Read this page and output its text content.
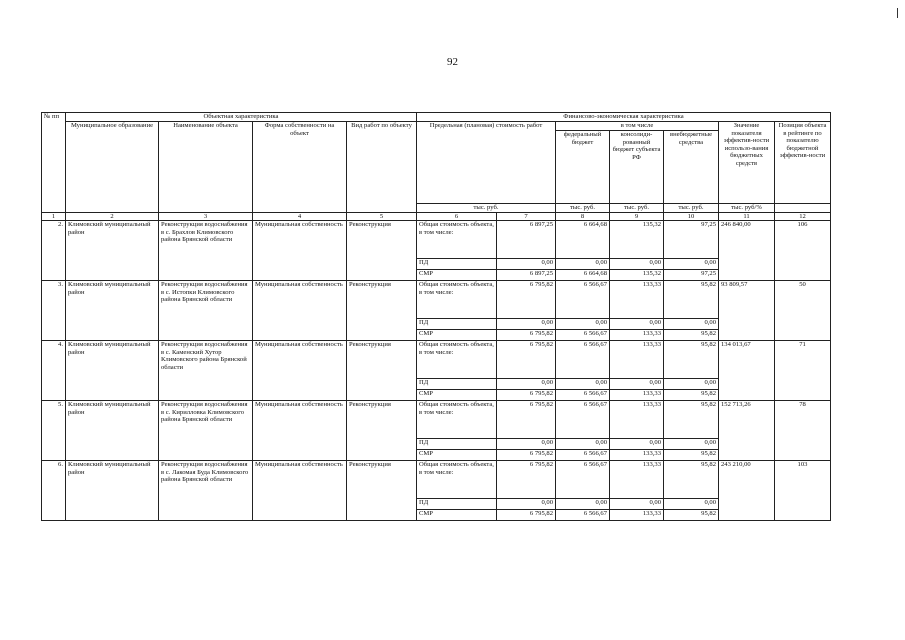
92
№ пп	Объектная характеристика				Финансово-экономическая характеристика						
	Муниципальное образование	Наименование объекта	Форма собственности на объект	Вид работ по объекту	Предельная (плановая) стоимость работ		в том числе			Значение показателя эффектив-ности использо-вания бюджетных средств	Позиция объекта в рейтинге по показателю бюджетной эффектив-ности
							федеральный бюджет	консолиди-рованный бюджет субъекта РФ	внебюджетные средства		
					тыс. руб.		тыс. руб.	тыс. руб.	тыс. руб.	тыс. руб/%	
1	2	3	4	5	6	7	8	9	10	11	12
2.	Климовский муниципальный район	Реконструкция водоснабжения в с. Брахлов Климовского района Брянской области	Муниципальная собственность	Реконструкция	Общая стоимость объекта, в том числе:	6 897,25	6 664,68	135,32	97,25	246 840,00	106
					ПД	0,00	0,00	0,00	0,00		
					СМР	6 897,25	6 664,68	135,32	97,25		
3.	Климовский муниципальный район	Реконструкция водоснабжения в с. Истопки Климовского района Брянской области	Муниципальная собственность	Реконструкция	Общая стоимость объекта, в том числе:	6 795,82	6 566,67	133,33	95,82	93 809,57	50
					ПД	0,00	0,00	0,00	0,00		
					СМР	6 795,82	6 566,67	133,33	95,82		
4.	Климовский муниципальный район	Реконструкция водоснабжения в с. Каменский Хутор Климовского района Брянской области	Муниципальная собственность	Реконструкция	Общая стоимость объекта, в том числе:	6 795,82	6 566,67	133,33	95,82	134 013,67	71
					ПД	0,00	0,00	0,00	0,00		
					СМР	6 795,82	6 566,67	133,33	95,82		
5.	Климовский муниципальный район	Реконструкция водоснабжения в с. Кирилловка Климовского района Брянской области	Муниципальная собственность	Реконструкция	Общая стоимость объекта, в том числе:	6 795,82	6 566,67	133,33	95,82	152 713,26	78
					ПД	0,00	0,00	0,00	0,00		
					СМР	6 795,82	6 566,67	133,33	95,82		
6.	Климовский муниципальный район	Реконструкция водоснабжения в с. Лакомая Буда Климовского района Брянской области	Муниципальная собственность	Реконструкция	Общая стоимость объекта, в том числе:	6 795,82	6 566,67	133,33	95,82	243 210,00	103
					ПД	0,00	0,00	0,00	0,00		
					СМР	6 795,82	6 566,67	133,33	95,82		
